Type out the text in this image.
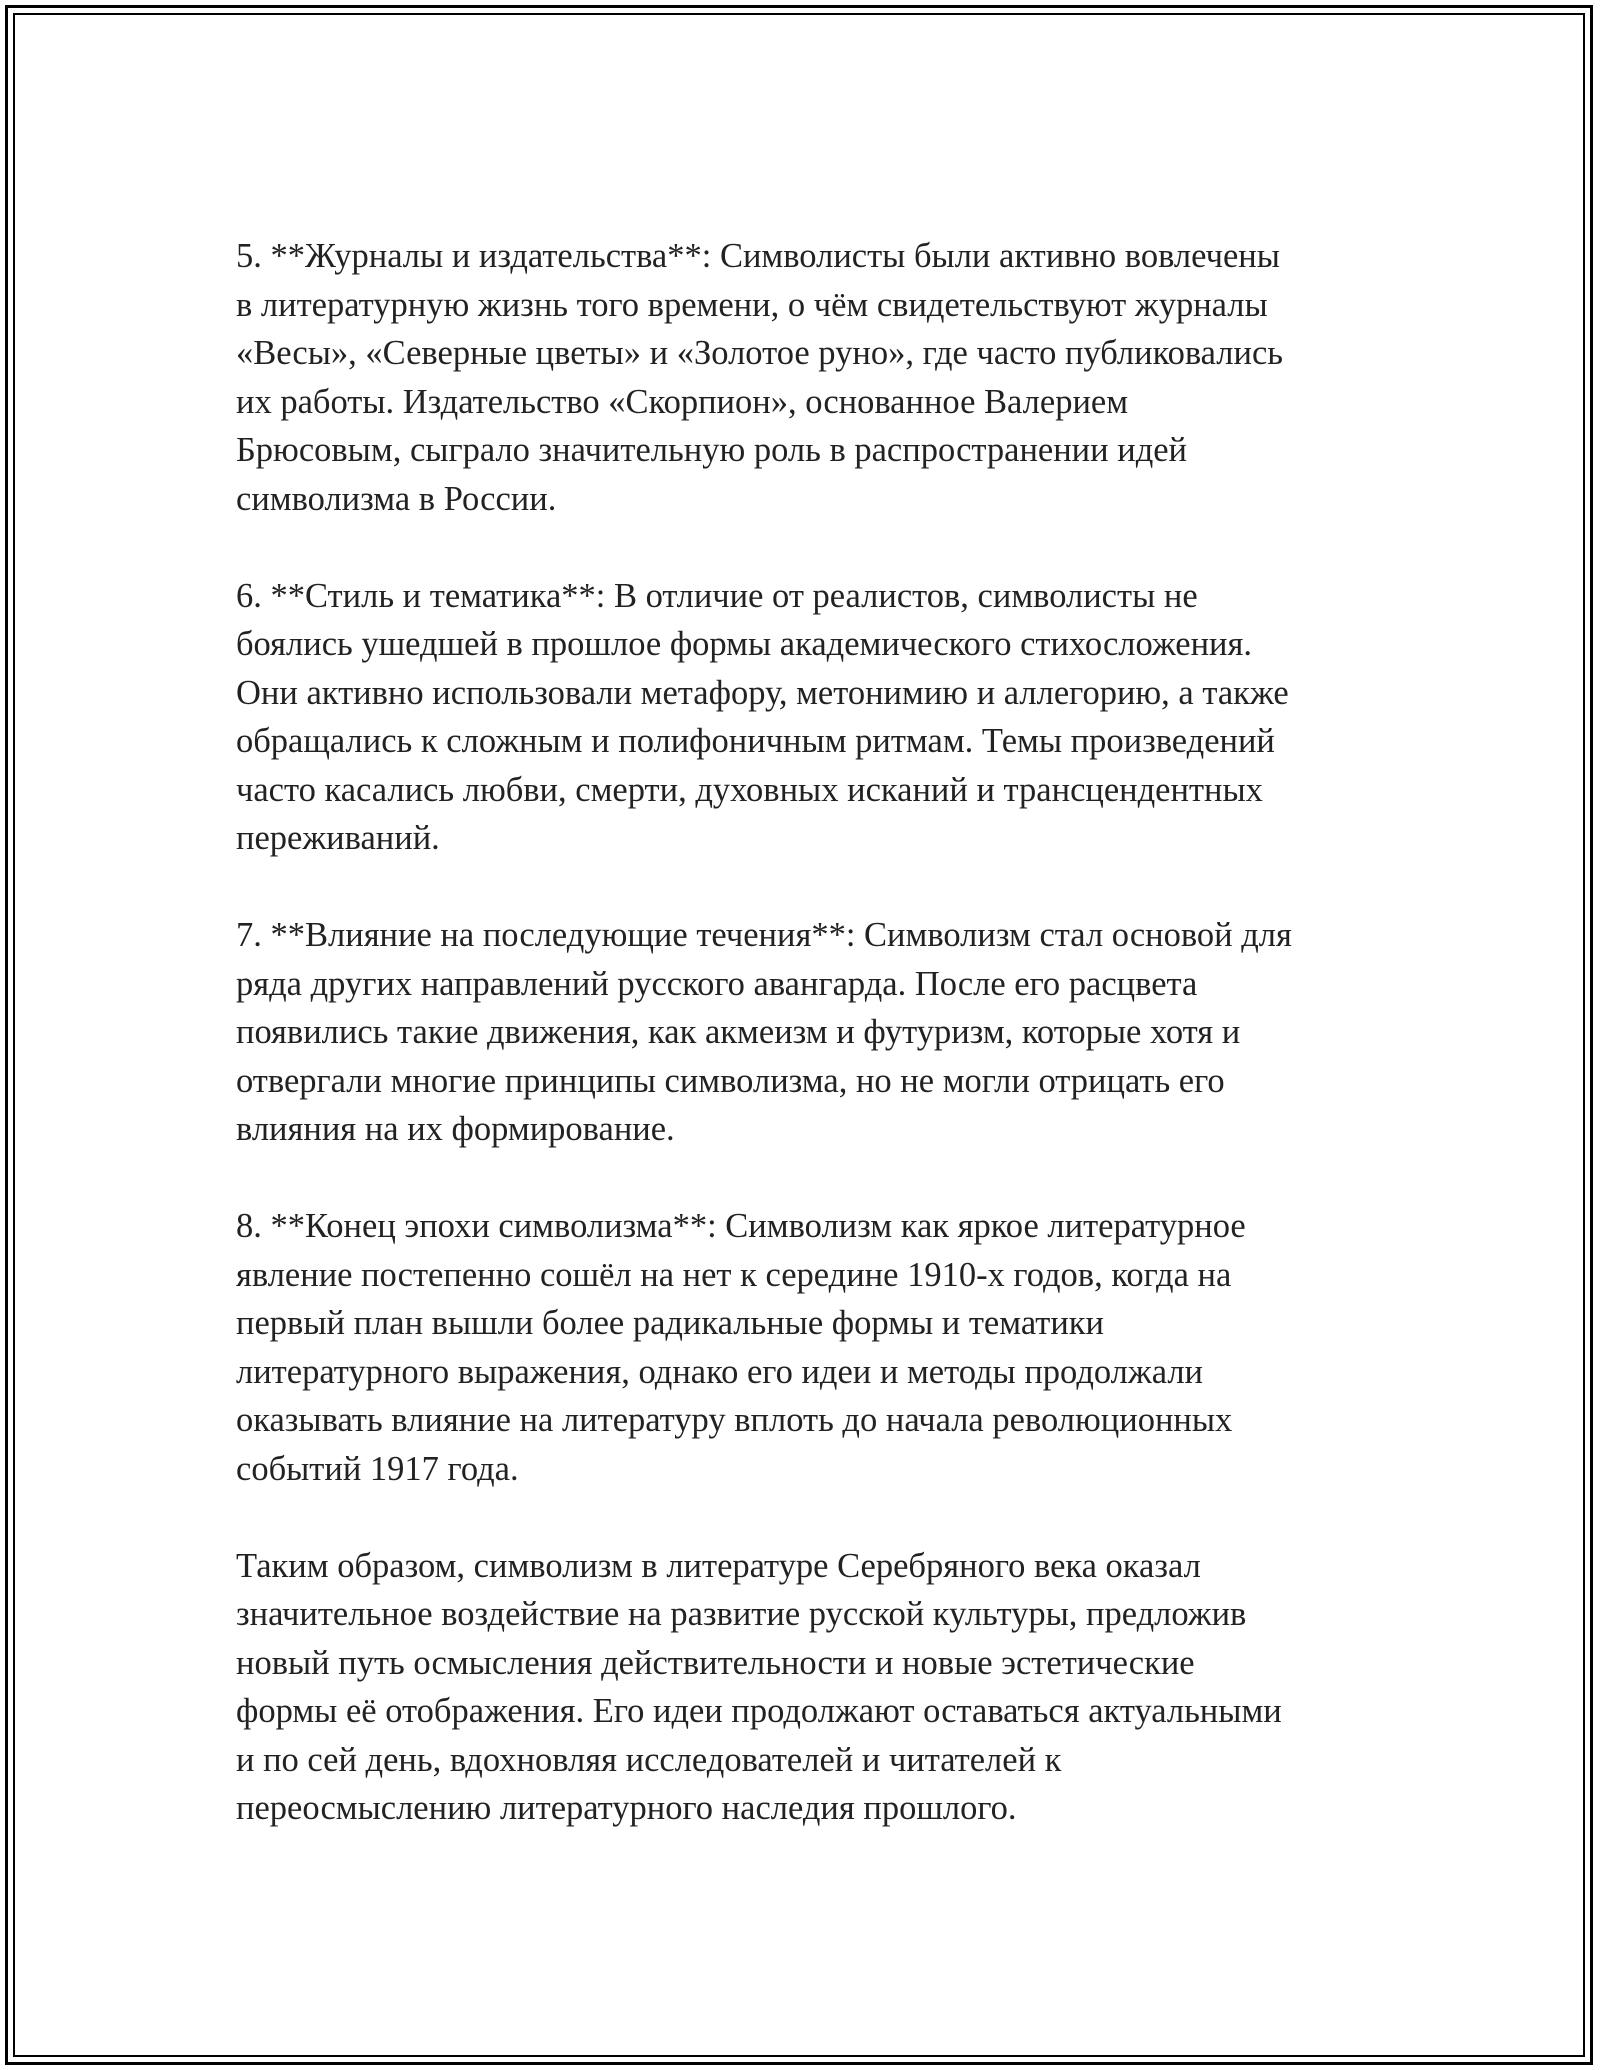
5. **Журналы и издательства**: Символисты были активно вовлечены
в литературную жизнь того времени, о чём свидетельствуют журналы
«Весы», «Северные цветы» и «Золотое руно», где часто публиковались
их работы. Издательство «Скорпион», основанное Валерием
Брюсовым, сыграло значительную роль в распространении идей
символизма в России.

6. **Стиль и тематика**: В отличие от реалистов, символисты не
боялись ушедшей в прошлое формы академического стихосложения.
Они активно использовали метафору, метонимию и аллегорию, а также
обращались к сложным и полифоничным ритмам. Темы произведений
часто касались любви, смерти, духовных исканий и трансцендентных
переживаний.

7. **Влияние на последующие течения**: Символизм стал основой для
ряда других направлений русского авангарда. После его расцвета
появились такие движения, как акмеизм и футуризм, которые хотя и
отвергали многие принципы символизма, но не могли отрицать его
влияния на их формирование.

8. **Конец эпохи символизма**: Символизм как яркое литературное
явление постепенно сошёл на нет к середине 1910-х годов, когда на
первый план вышли более радикальные формы и тематики
литературного выражения, однако его идеи и методы продолжали
оказывать влияние на литературу вплоть до начала революционных
событий 1917 года.

Таким образом, символизм в литературе Серебряного века оказал
значительное воздействие на развитие русской культуры, предложив
новый путь осмысления действительности и новые эстетические
формы её отображения. Его идеи продолжают оставаться актуальными
и по сей день, вдохновляя исследователей и читателей к
переосмыслению литературного наследия прошлого.
